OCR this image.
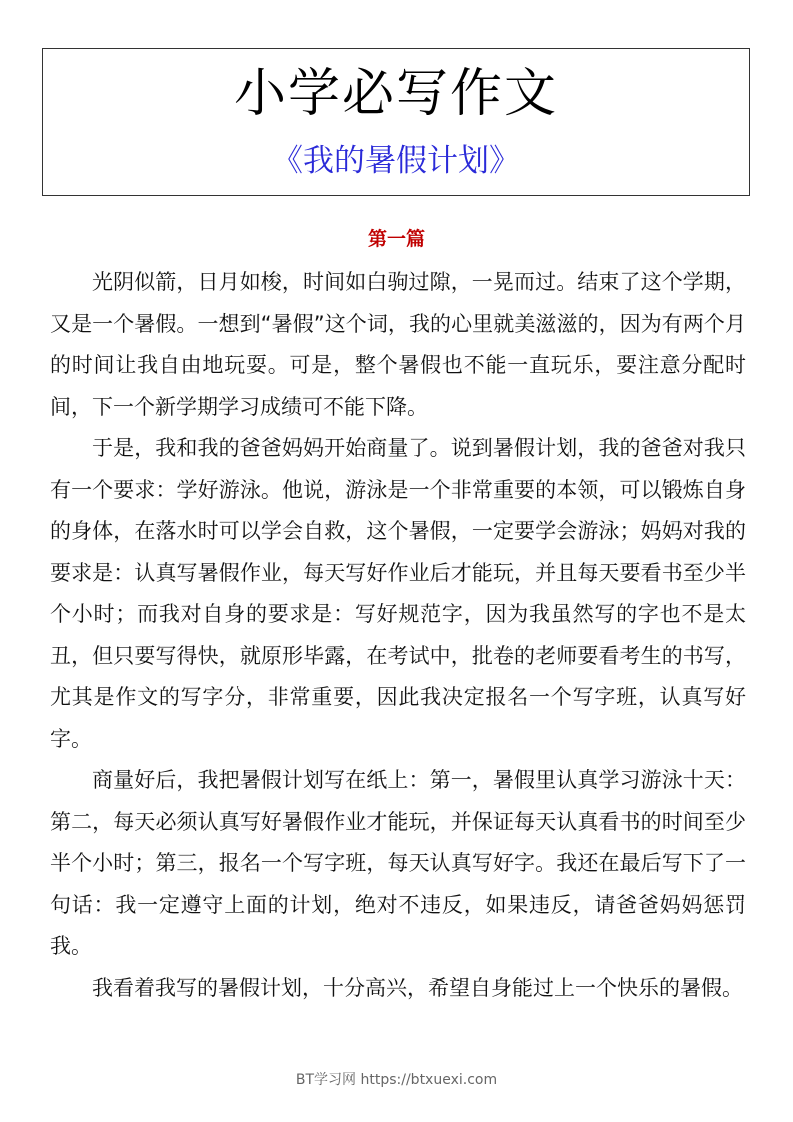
小学必写作文
《我的暑假计划》
第一篇

光阴似箭，日月如梭，时间如白驹过隙，一晃而过。结束了这个学期，又是一个暑假。一想到“暑假”这个词，我的心里就美滋滋的，因为有两个月的时间让我自由地玩耍。可是，整个暑假也不能一直玩乐，要注意分配时间，下一个新学期学习成绩可不能下降。

于是，我和我的爸爸妈妈开始商量了。说到暑假计划，我的爸爸对我只有一个要求：学好游泳。他说，游泳是一个非常重要的本领，可以锻炼自身的身体，在落水时可以学会自救，这个暑假，一定要学会游泳；妈妈对我的要求是：认真写暑假作业，每天写好作业后才能玩，并且每天要看书至少半个小时；而我对自身的要求是：写好规范字，因为我虽然写的字也不是太丑，但只要写得快，就原形毕露，在考试中，批卷的老师要看考生的书写，尤其是作文的写字分，非常重要，因此我决定报名一个写字班，认真写好字。

商量好后，我把暑假计划写在纸上：第一，暑假里认真学习游泳十天：第二，每天必须认真写好暑假作业才能玩，并保证每天认真看书的时间至少半个小时；第三，报名一个写字班，每天认真写好字。我还在最后写下了一句话：我一定遵守上面的计划，绝对不违反，如果违反，请爸爸妈妈惩罚我。

我看着我写的暑假计划，十分高兴，希望自身能过上一个快乐的暑假。

BT学习网 https://btxuexi.com
